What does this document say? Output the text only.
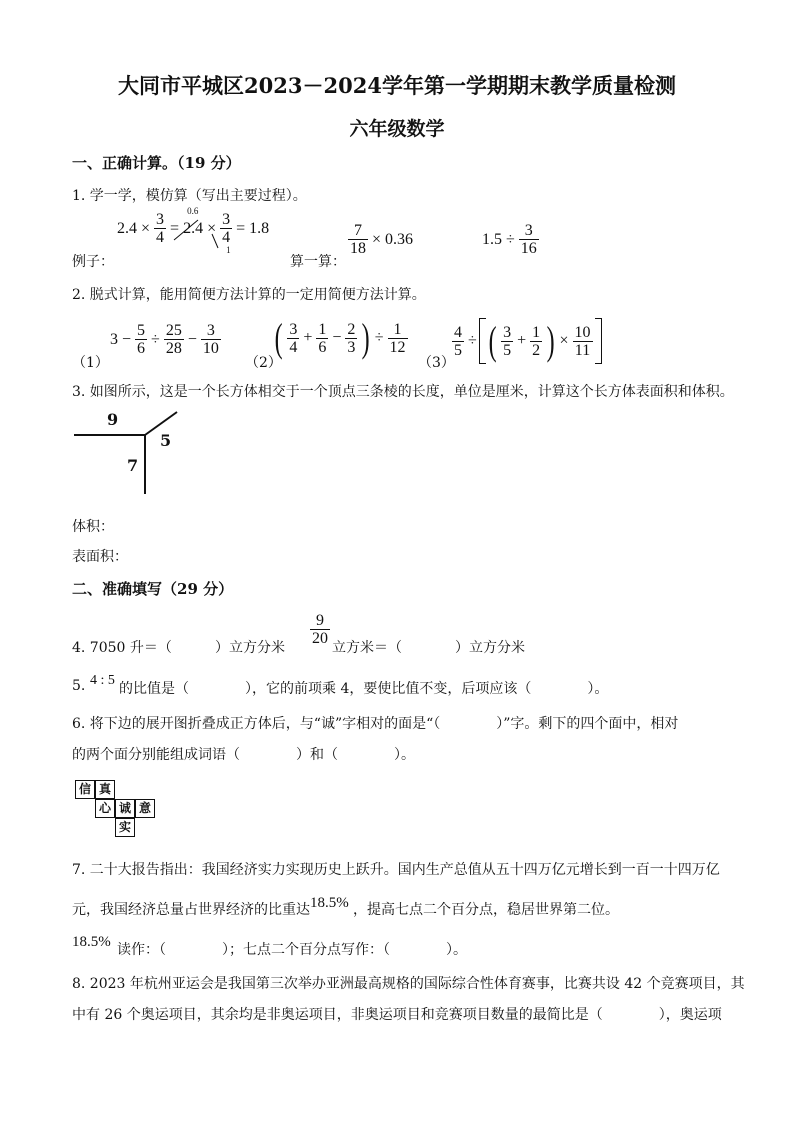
大同市平城区2023－2024学年第一学期期末教学质量检测
六年级数学
一、正确计算。（19 分）
1. 学一学，模仿算（写出主要过程）。
$2.4 \times \frac{3}{4}$ =
0.6
2.4 × 3
4
1
= 1.8
例子：	算一算：
$\frac{7}{18} \times 0.36$	$1.5 \div \frac{3}{16}$
2. 脱式计算，能用简便方法计算的一定用简便方法计算。
（1）
$3 - \frac{5}{6} \div \frac{25}{28} - \frac{3}{10}$
（2）
( $\frac{3}{4} + \frac{1}{6} - \frac{2}{3}$ ) ÷ $\frac{1}{12}$
（3）
$\frac{4}{5}$ ÷ ( $\frac{3}{5} + \frac{1}{2}$ ) × $\frac{10}{11}$
3. 如图所示，这是一个长方体相交于一个顶点三条棱的长度，单位是厘米，计算这个长方体表面积和体积。
9
5
7
体积：
表面积：
二、准确填写（29 分）
4. 7050 升＝（	）立方分米
$\frac{9}{20}$
立方米＝（	）立方分米
5. 4 : 5
的比值是（　　　　），它的前项乘 4，要使比值不变，后项应该（　　　　）。
6. 将下边的展开图折叠成正方体后，与“诚”字相对的面是“（　　　　）”字。剩下的四个面中，相对
的两个面分别能组成词语（　　　　）和（　　　　）。
信 真
心 诚 意
实
7. 二十大报告指出：我国经济实力实现历史上跃升。国内生产总值从五十四万亿元增长到一百一十四万亿
元，我国经济总量占世界经济的比重达 18.5% ，提高七点二个百分点，稳居世界第二位。
18.5% 读作：（　　　　）；七点二个百分点写作：（　　　　）。
8. 2023 年杭州亚运会是我国第三次举办亚洲最高规格的国际综合性体育赛事，比赛共设 42 个竞赛项目，其
中有 26 个奥运项目，其余均是非奥运项目，非奥运项目和竞赛项目数量的最简比是（　　　　），奥运项
